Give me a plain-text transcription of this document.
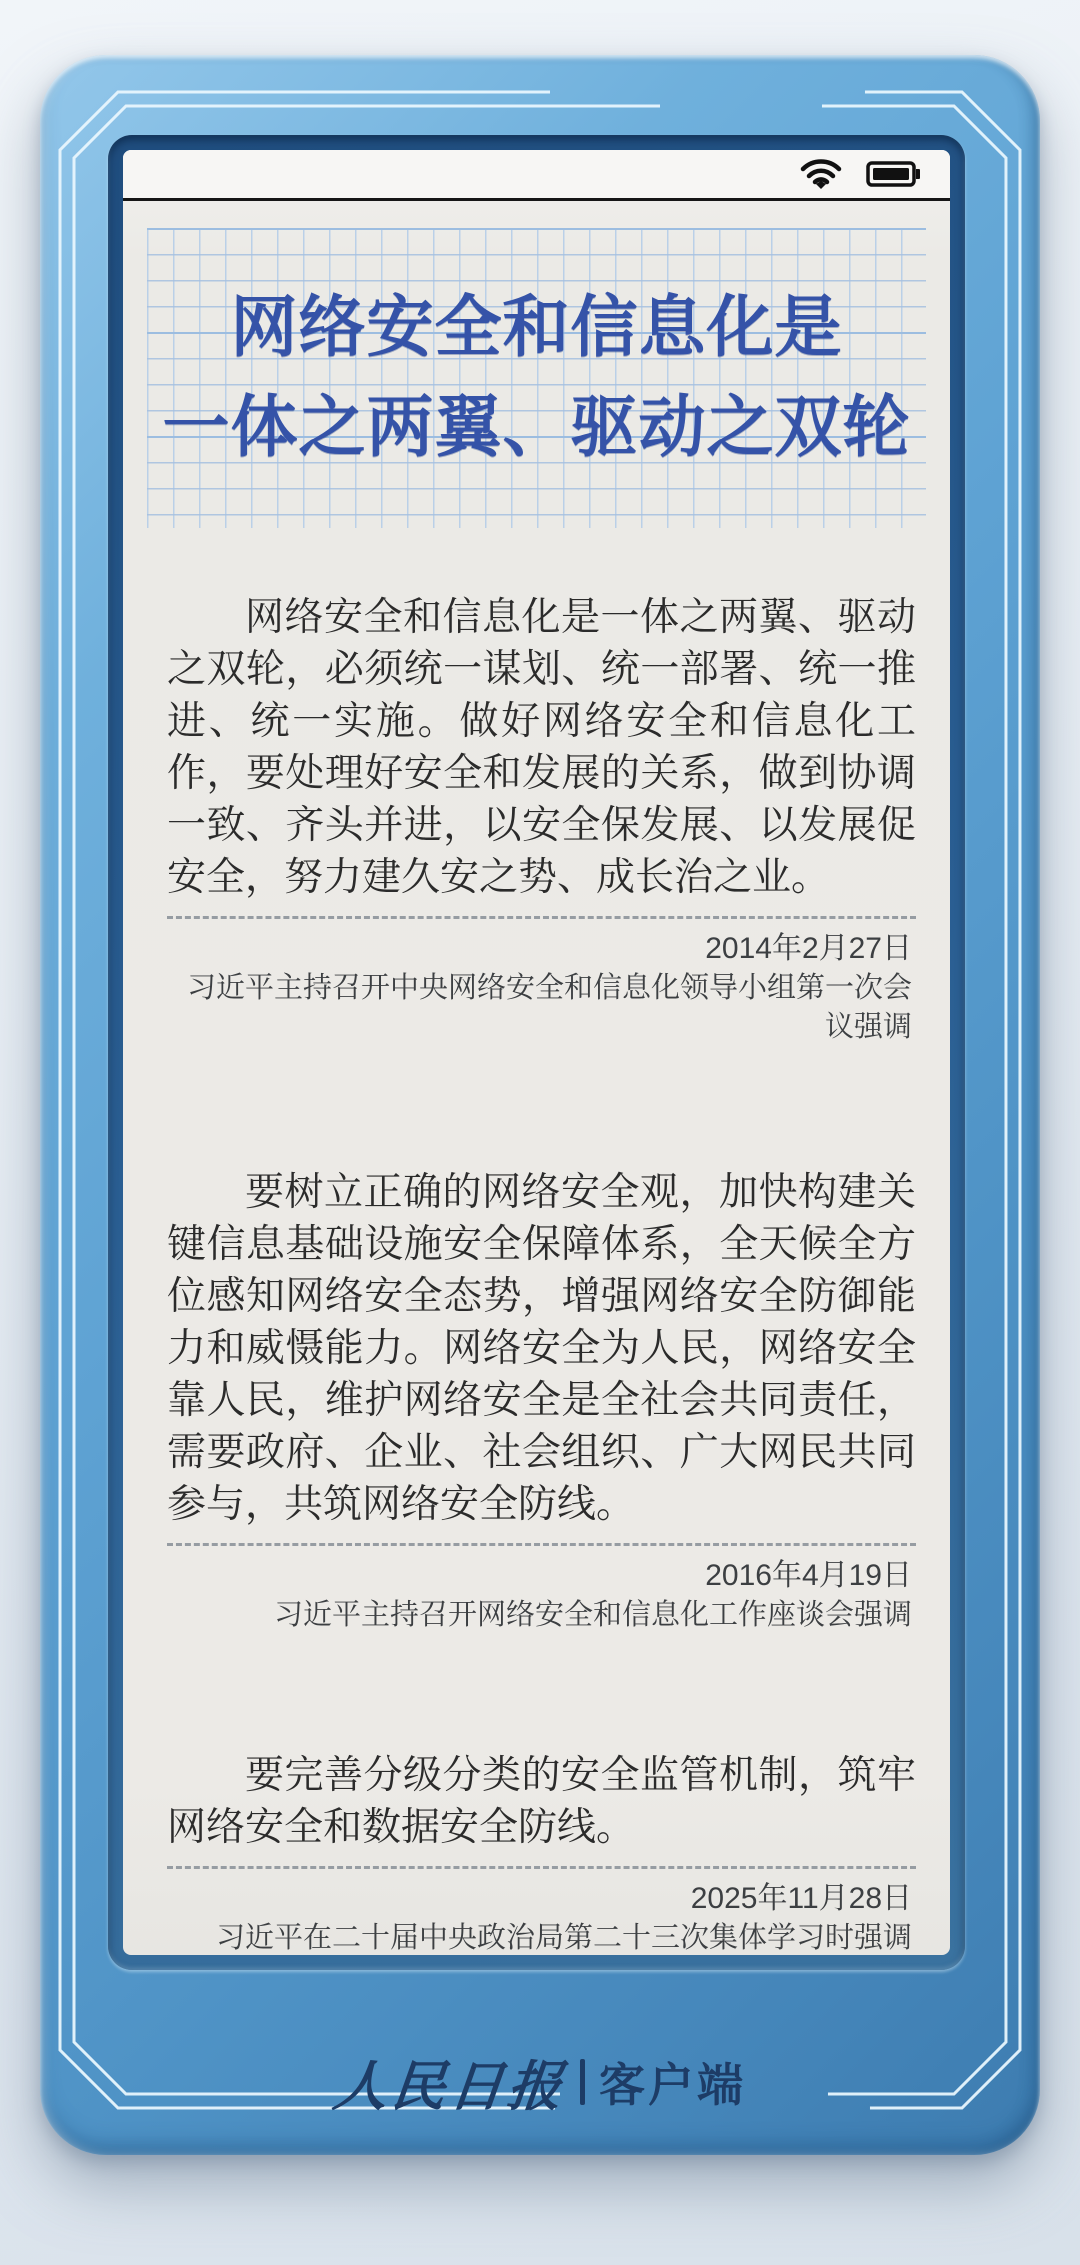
网络安全和信息化是
一体之两翼、驱动之双轮
网络安全和信息化是一体之两翼、驱动之双轮，必须统一谋划、统一部署、统一推进、统一实施。做好网络安全和信息化工作，要处理好安全和发展的关系，做到协调一致、齐头并进，以安全保发展、以发展促安全，努力建久安之势、成长治之业。
2014年2月27日
习近平主持召开中央网络安全和信息化领导小组第一次会议强调
要树立正确的网络安全观，加快构建关键信息基础设施安全保障体系，全天候全方位感知网络安全态势，增强网络安全防御能力和威慑能力。网络安全为人民，网络安全靠人民，维护网络安全是全社会共同责任，需要政府、企业、社会组织、广大网民共同参与，共筑网络安全防线。
2016年4月19日
习近平主持召开网络安全和信息化工作座谈会强调
要完善分级分类的安全监管机制，筑牢网络安全和数据安全防线。
2025年11月28日
习近平在二十届中央政治局第二十三次集体学习时强调
人民日报 客户端
